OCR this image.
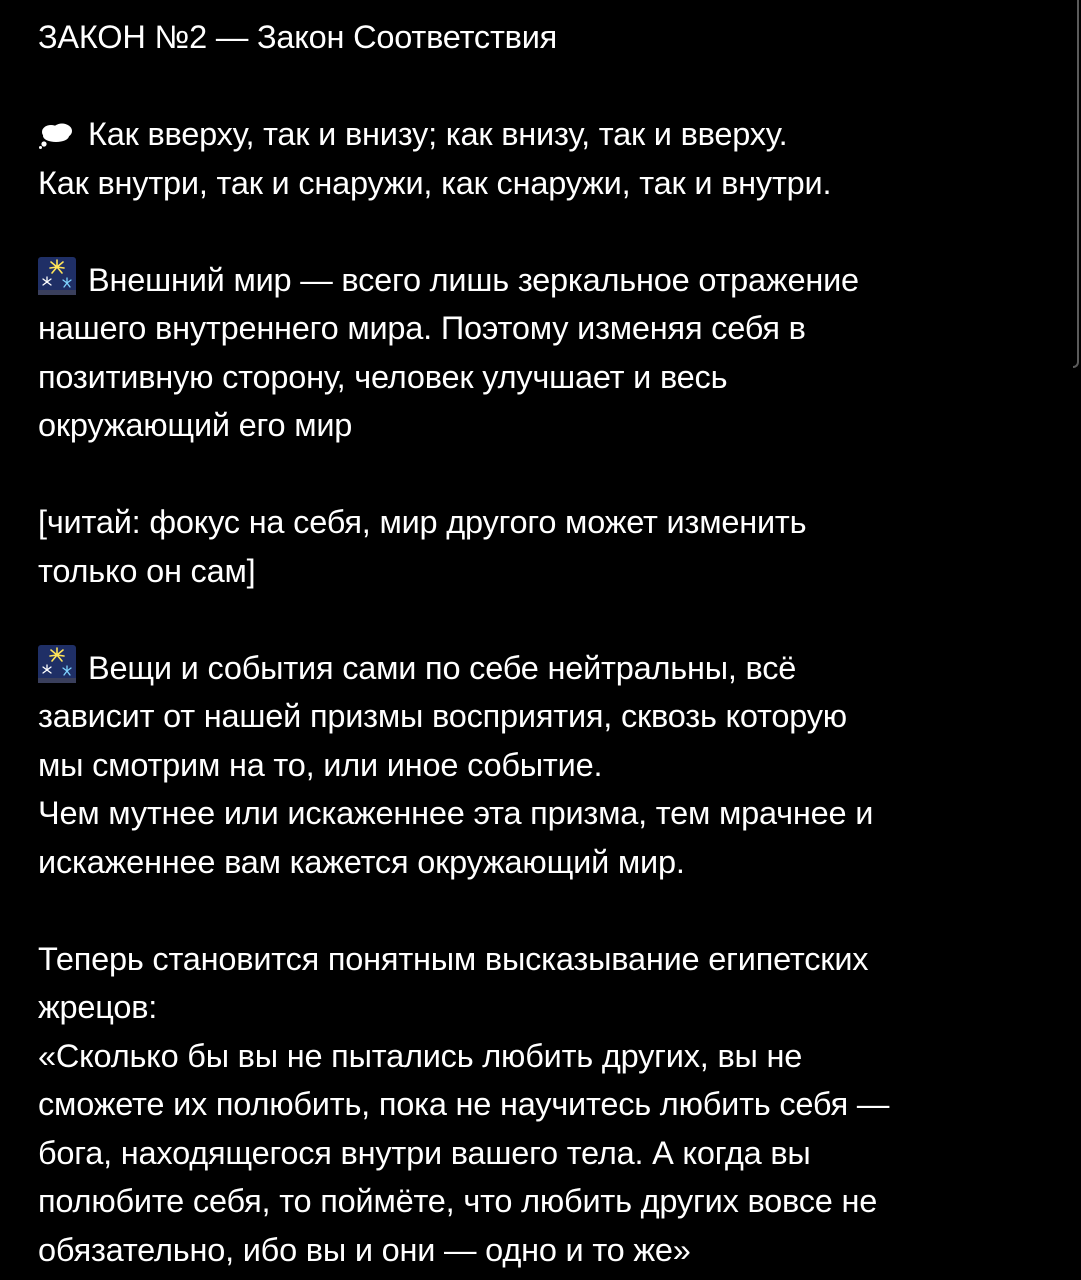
ЗАКОН №2 — Закон Соответствия
Как вверху, так и внизу; как внизу, так и вверху.
Как внутри, так и снаружи, как снаружи, так и внутри.
Внешний мир — всего лишь зеркальное отражение
нашего внутреннего мира. Поэтому изменяя себя в
позитивную сторону, человек улучшает и весь
окружающий его мир
[читай: фокус на себя, мир другого может изменить
только он сам]
Вещи и события сами по себе нейтральны, всё
зависит от нашей призмы восприятия, сквозь которую
мы смотрим на то, или иное событие.
Чем мутнее или искаженнее эта призма, тем мрачнее и
искаженнее вам кажется окружающий мир.
Теперь становится понятным высказывание египетских
жрецов:
«Сколько бы вы не пытались любить других, вы не
сможете их полюбить, пока не научитесь любить себя —
бога, находящегося внутри вашего тела. А когда вы
полюбите себя, то поймёте, что любить других вовсе не
обязательно, ибо вы и они — одно и то же»
